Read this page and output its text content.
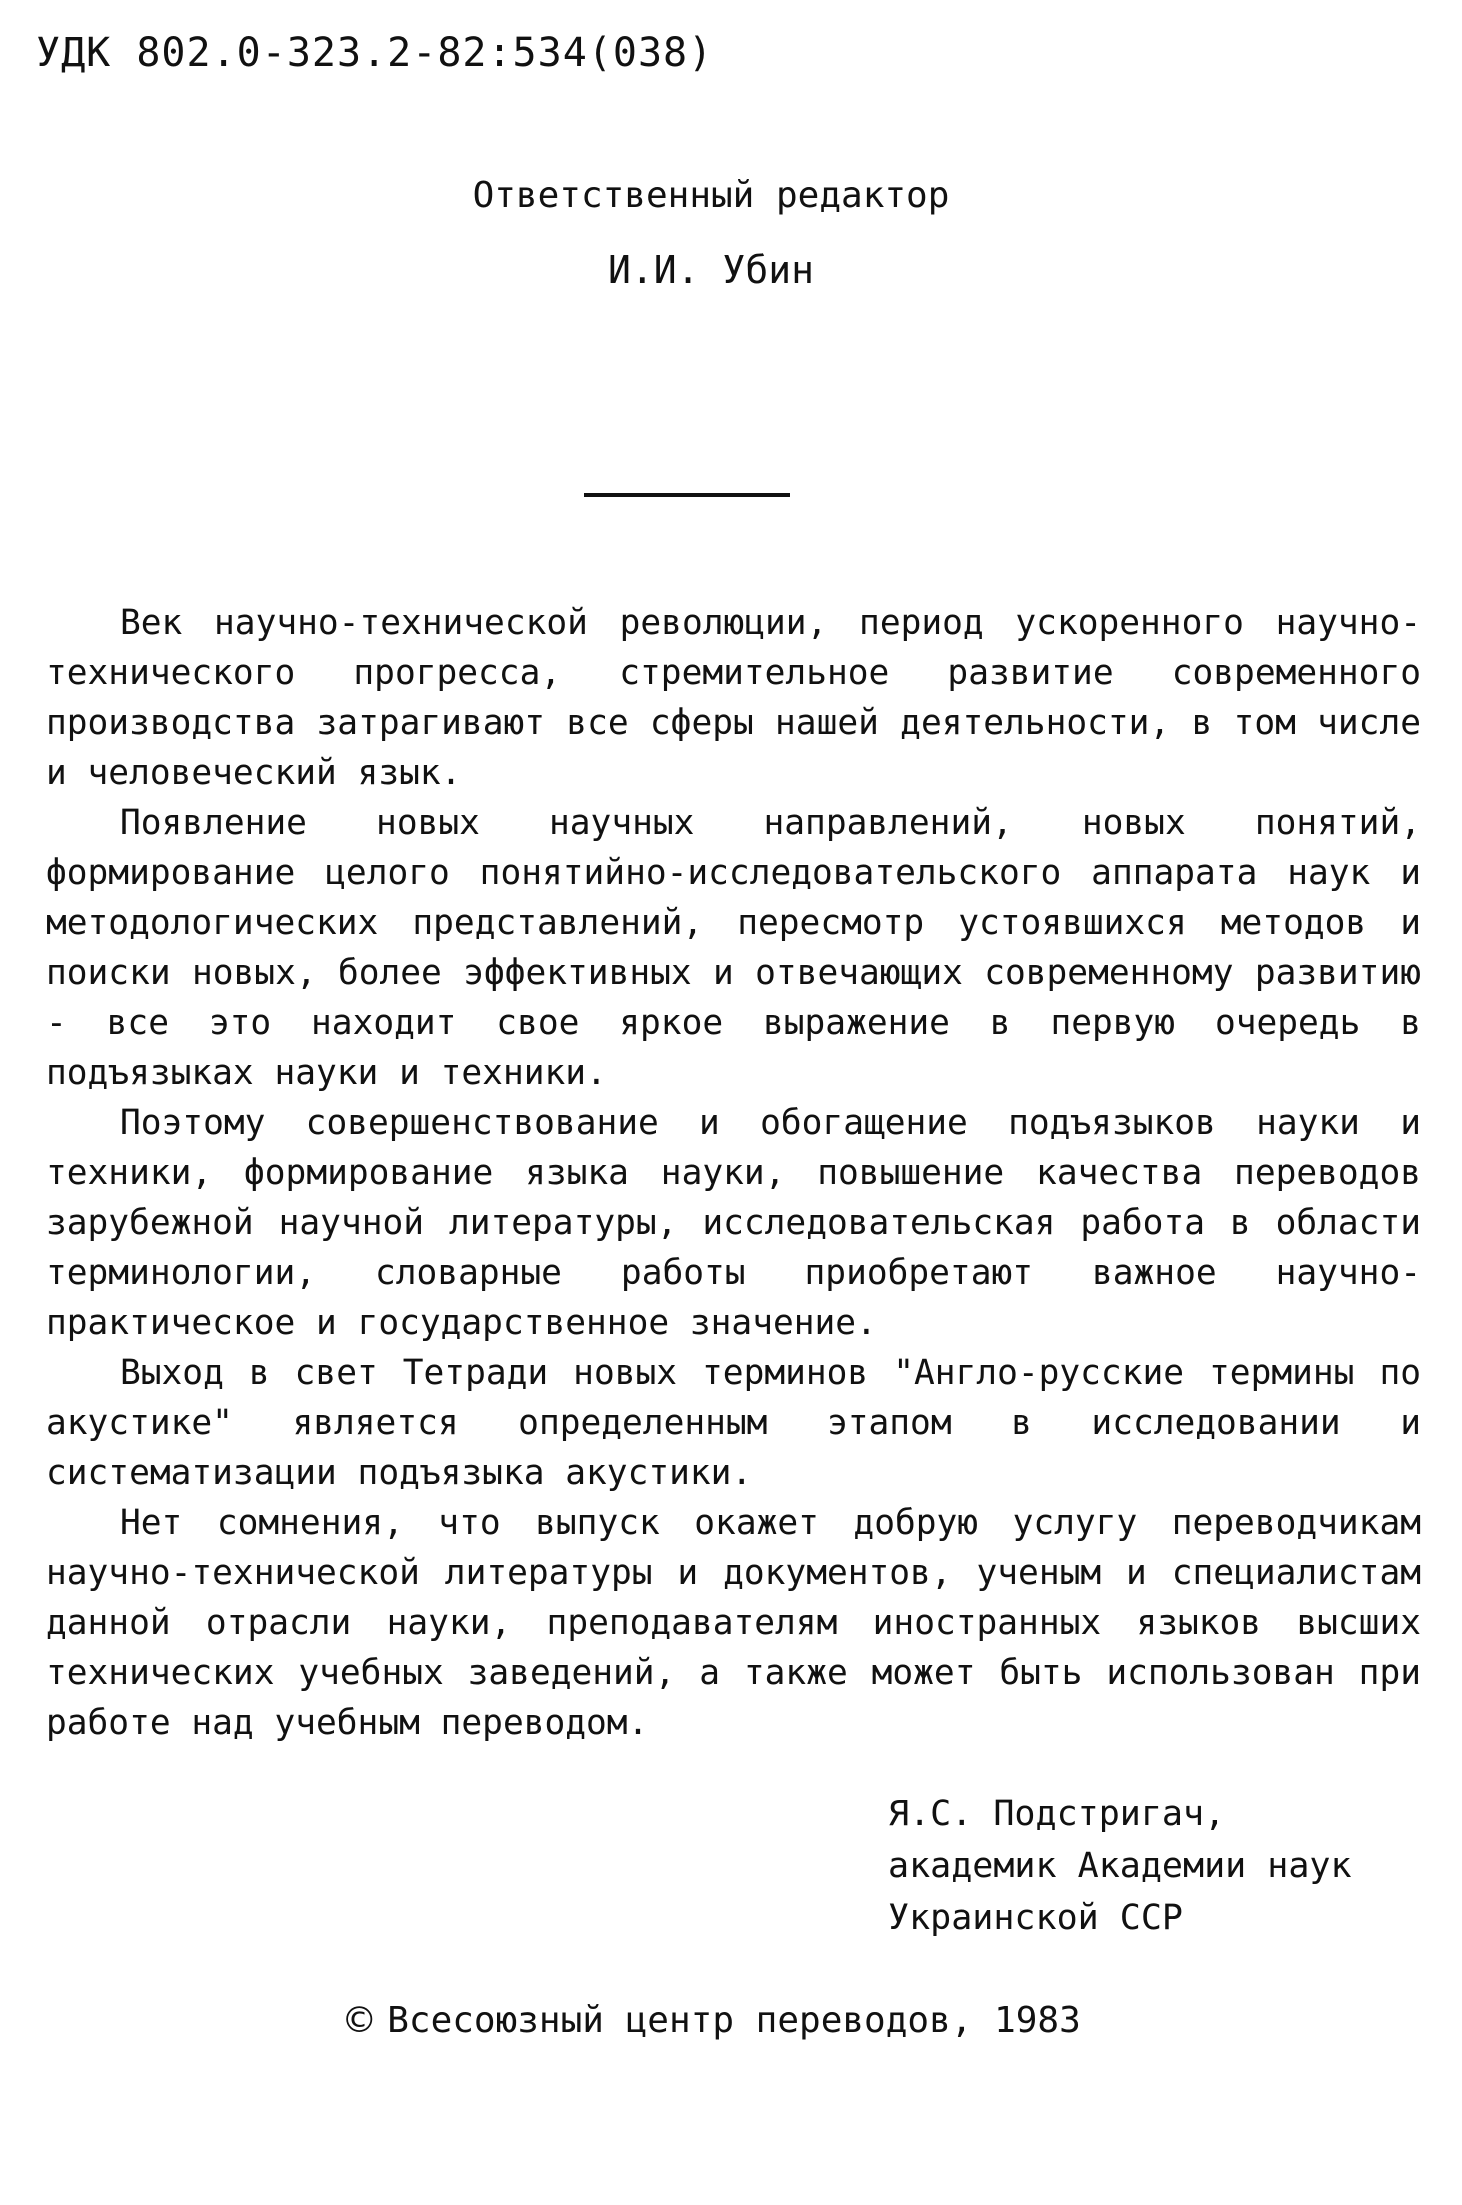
УДК 802.0-323.2-82:534(038)
Ответственный редактор
И.И. Убин

Век научно-технической революции, период ускоренного научно-технического прогресса, стремительное развитие современного производства затрагивают все сферы нашей деятельности, в том числе и человеческий язык.

Появление новых научных направлений, новых понятий, формирование целого понятийно-исследовательского аппарата наук и методологических представлений, пересмотр устоявшихся методов и поиски новых, более эффективных и отвечающих современному развитию - все это находит свое яркое выражение в первую очередь в подъязыках науки и техники.

Поэтому совершенствование и обогащение подъязыков науки и техники, формирование языка науки, повышение качества переводов зарубежной научной литературы, исследовательская работа в области терминологии, словарные работы приобретают важное научно-практическое и государственное значение.

Выход в свет Тетради новых терминов "Англо-русские термины по акустике" является определенным этапом в исследовании и систематизации подъязыка акустики.

Нет сомнения, что выпуск окажет добрую услугу переводчикам научно-технической литературы и документов, ученым и специалистам данной отрасли науки, преподавателям иностранных языков высших технических учебных заведений, а также может быть использован при работе над учебным переводом.

Я.С. Подстригач,
академик Академии наук
Украинской ССР
© Всесоюзный центр переводов, 1983
